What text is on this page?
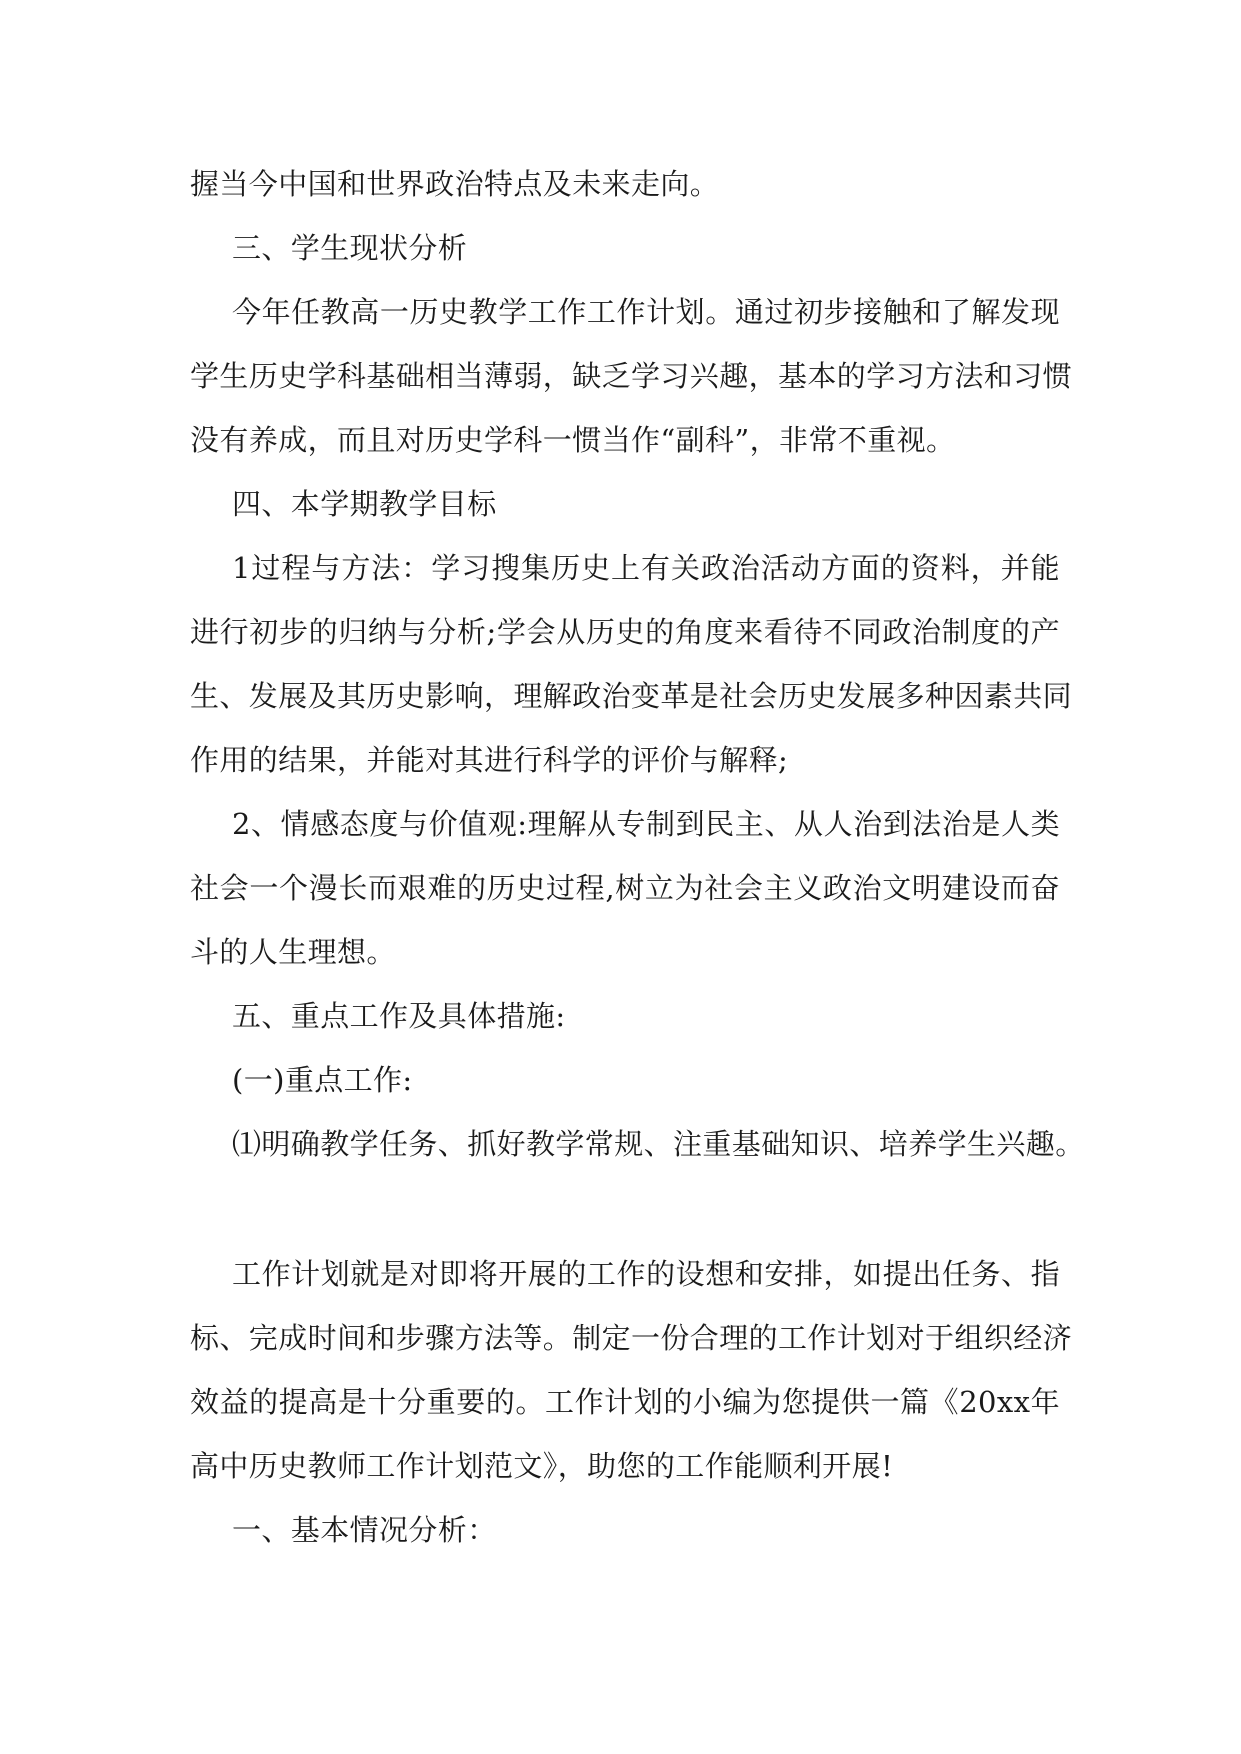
握当今中国和世界政治特点及未来走向。
三、学生现状分析
今年任教高一历史教学工作工作计划。通过初步接触和了解发现
学生历史学科基础相当薄弱，缺乏学习兴趣，基本的学习方法和习惯
没有养成，而且对历史学科一惯当作“副科”，非常不重视。
四、本学期教学目标
1过程与方法：学习搜集历史上有关政治活动方面的资料，并能
进行初步的归纳与分析;学会从历史的角度来看待不同政治制度的产
生、发展及其历史影响，理解政治变革是社会历史发展多种因素共同
作用的结果，并能对其进行科学的评价与解释;
2、情感态度与价值观:理解从专制到民主、从人治到法治是人类
社会一个漫长而艰难的历史过程,树立为社会主义政治文明建设而奋
斗的人生理想。
五、重点工作及具体措施:
(一)重点工作:
⑴明确教学任务、抓好教学常规、注重基础知识、培养学生兴趣。
工作计划就是对即将开展的工作的设想和安排，如提出任务、指
标、完成时间和步骤方法等。制定一份合理的工作计划对于组织经济
效益的提高是十分重要的。工作计划的小编为您提供一篇《20xx年
高中历史教师工作计划范文》，助您的工作能顺利开展!
一、基本情况分析：
